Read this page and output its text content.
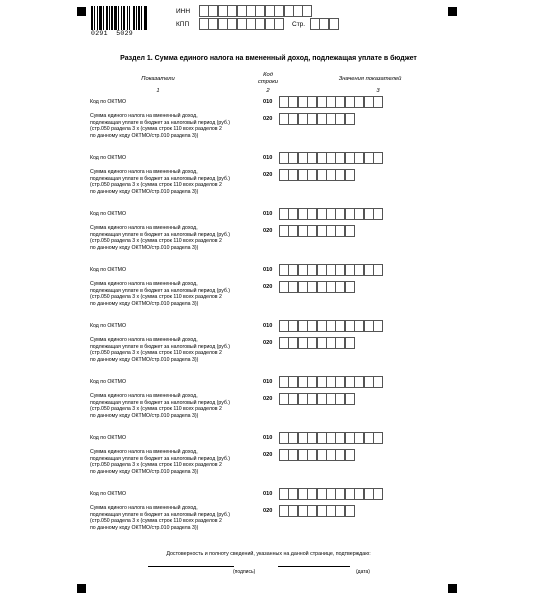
0291  5029
ИНН
КПП	Стр.
Раздел 1. Сумма единого налога на вмененный доход, подлежащая уплате в бюджет
Показатели
Код строки	Значения показателей
1	2	3
Код по ОКТМО	010
Сумма единого налога на вмененный доход,
подлежащая уплате в бюджет за налоговый период (руб.)
(стр.050 раздела 3 х (сумма строк 110 всех разделов 2
по данному коду ОКТМО/стр.010 раздела 3))
020
Код по ОКТМО	010
Сумма единого налога на вмененный доход,
подлежащая уплате в бюджет за налоговый период (руб.)
(стр.050 раздела 3 х (сумма строк 110 всех разделов 2
по данному коду ОКТМО/стр.010 раздела 3))
020
Код по ОКТМО	010
Сумма единого налога на вмененный доход,
подлежащая уплате в бюджет за налоговый период (руб.)
(стр.050 раздела 3 х (сумма строк 110 всех разделов 2
по данному коду ОКТМО/стр.010 раздела 3))
020
Код по ОКТМО	010
Сумма единого налога на вмененный доход,
подлежащая уплате в бюджет за налоговый период (руб.)
(стр.050 раздела 3 х (сумма строк 110 всех разделов 2
по данному коду ОКТМО/стр.010 раздела 3))
020
Код по ОКТМО	010
Сумма единого налога на вмененный доход,
подлежащая уплате в бюджет за налоговый период (руб.)
(стр.050 раздела 3 х (сумма строк 110 всех разделов 2
по данному коду ОКТМО/стр.010 раздела 3))
020
Код по ОКТМО	010
Сумма единого налога на вмененный доход,
подлежащая уплате в бюджет за налоговый период (руб.)
(стр.050 раздела 3 х (сумма строк 110 всех разделов 2
по данному коду ОКТМО/стр.010 раздела 3))
020
Код по ОКТМО	010
Сумма единого налога на вмененный доход,
подлежащая уплате в бюджет за налоговый период (руб.)
(стр.050 раздела 3 х (сумма строк 110 всех разделов 2
по данному коду ОКТМО/стр.010 раздела 3))
020
Код по ОКТМО	010
Сумма единого налога на вмененный доход,
подлежащая уплате в бюджет за налоговый период (руб.)
(стр.050 раздела 3 х (сумма строк 110 всех разделов 2
по данному коду ОКТМО/стр.010 раздела 3))
020
Достоверность и полноту сведений, указанных на данной странице, подтверждаю:
(подпись)	(дата)
